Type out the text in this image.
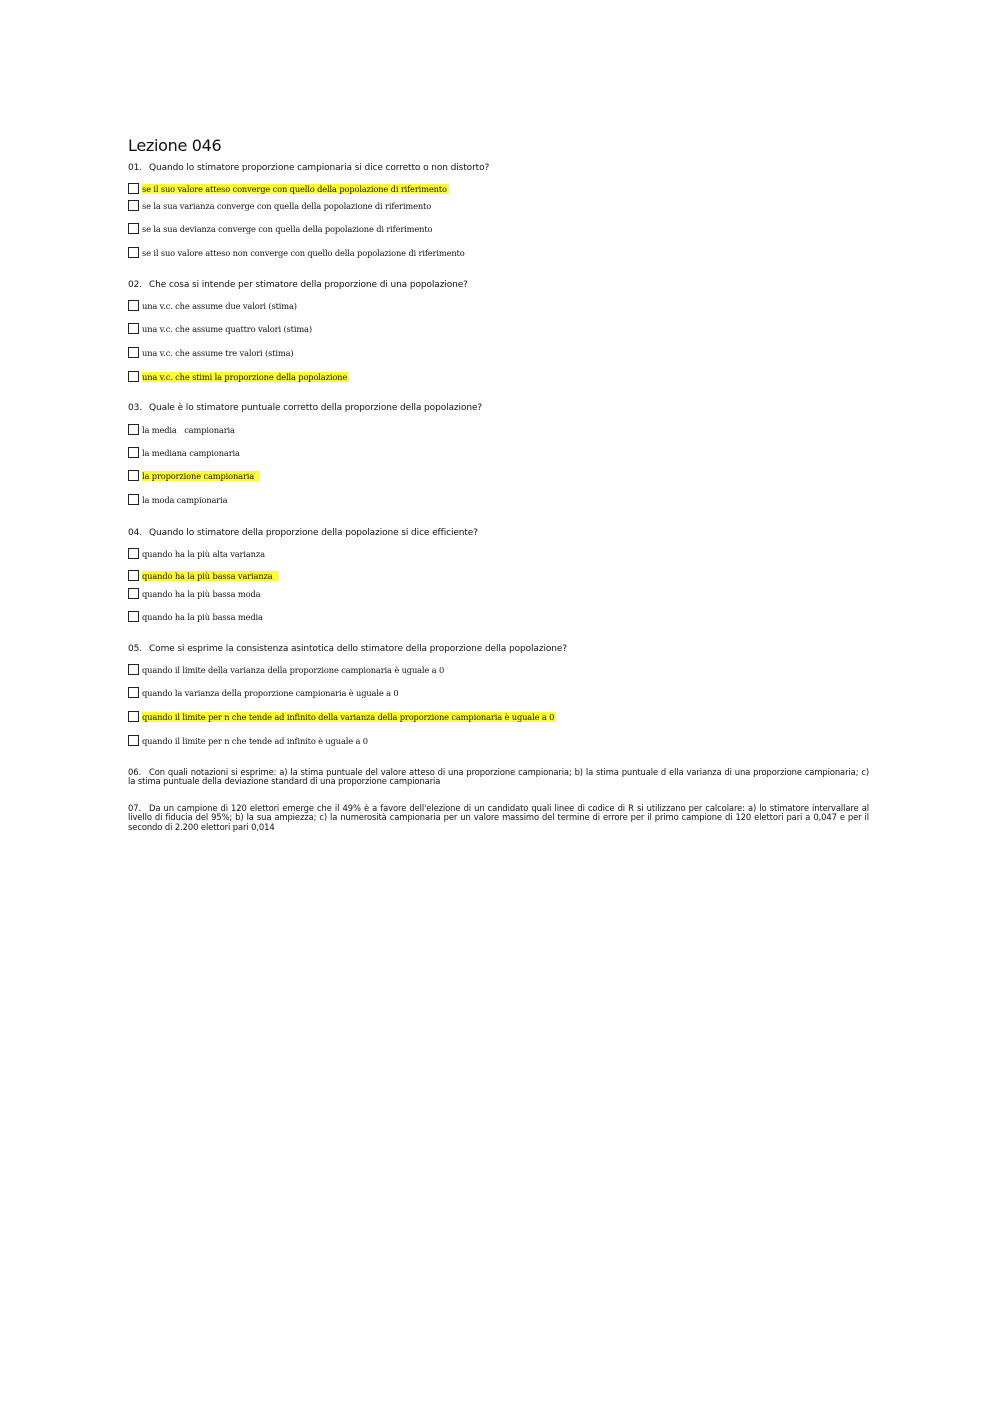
Lezione 046
01. Quando lo stimatore proporzione campionaria si dice corretto o non distorto?
se il suo valore atteso converge con quello della popolazione di riferimento
se la sua varianza converge con quella della popolazione di riferimento
se la sua devianza converge con quella della popolazione di riferimento
se il suo valore atteso non converge con quello della popolazione di riferimento
02. Che cosa si intende per stimatore della proporzione di una popolazione?
una v.c. che assume due valori (stima)
una v.c. che assume quattro valori (stima)
una v.c. che assume tre valori (stima)
una v.c. che stimi la proporzione della popolazione
03. Quale è lo stimatore puntuale corretto della proporzione della popolazione?
la media   campionaria
la mediana campionaria
la proporzione campionaria
la moda campionaria
04. Quando lo stimatore della proporzione della popolazione si dice efficiente?
quando ha la più alta varianza
quando ha la più bassa varianza
quando ha la più bassa moda
quando ha la più bassa media
05. Come si esprime la consistenza asintotica dello stimatore della proporzione della popolazione?
quando il limite della varianza della proporzione campionaria è uguale a 0
quando la varianza della proporzione campionaria è uguale a 0
quando il limite per n che tende ad infinito della varianza della proporzione campionaria è uguale a 0
quando il limite per n che tende ad infinito è uguale a 0
06. Con quali notazioni si esprime: a) la stima puntuale del valore atteso di una proporzione campionaria; b) la stima puntuale d ella varianza di una proporzione campionaria; c) la stima puntuale della deviazione standard di una proporzione campionaria
07. Da un campione di 120 elettori emerge che il 49% è a favore dell'elezione di un candidato quali linee di codice di R si utilizzano per calcolare: a) lo stimatore intervallare al livello di fiducia del 95%; b) la sua ampiezza; c) la numerosità campionaria per un valore massimo del termine di errore per il primo campione di 120 elettori pari a 0,047 e per il secondo di 2.200 elettori pari 0,014
